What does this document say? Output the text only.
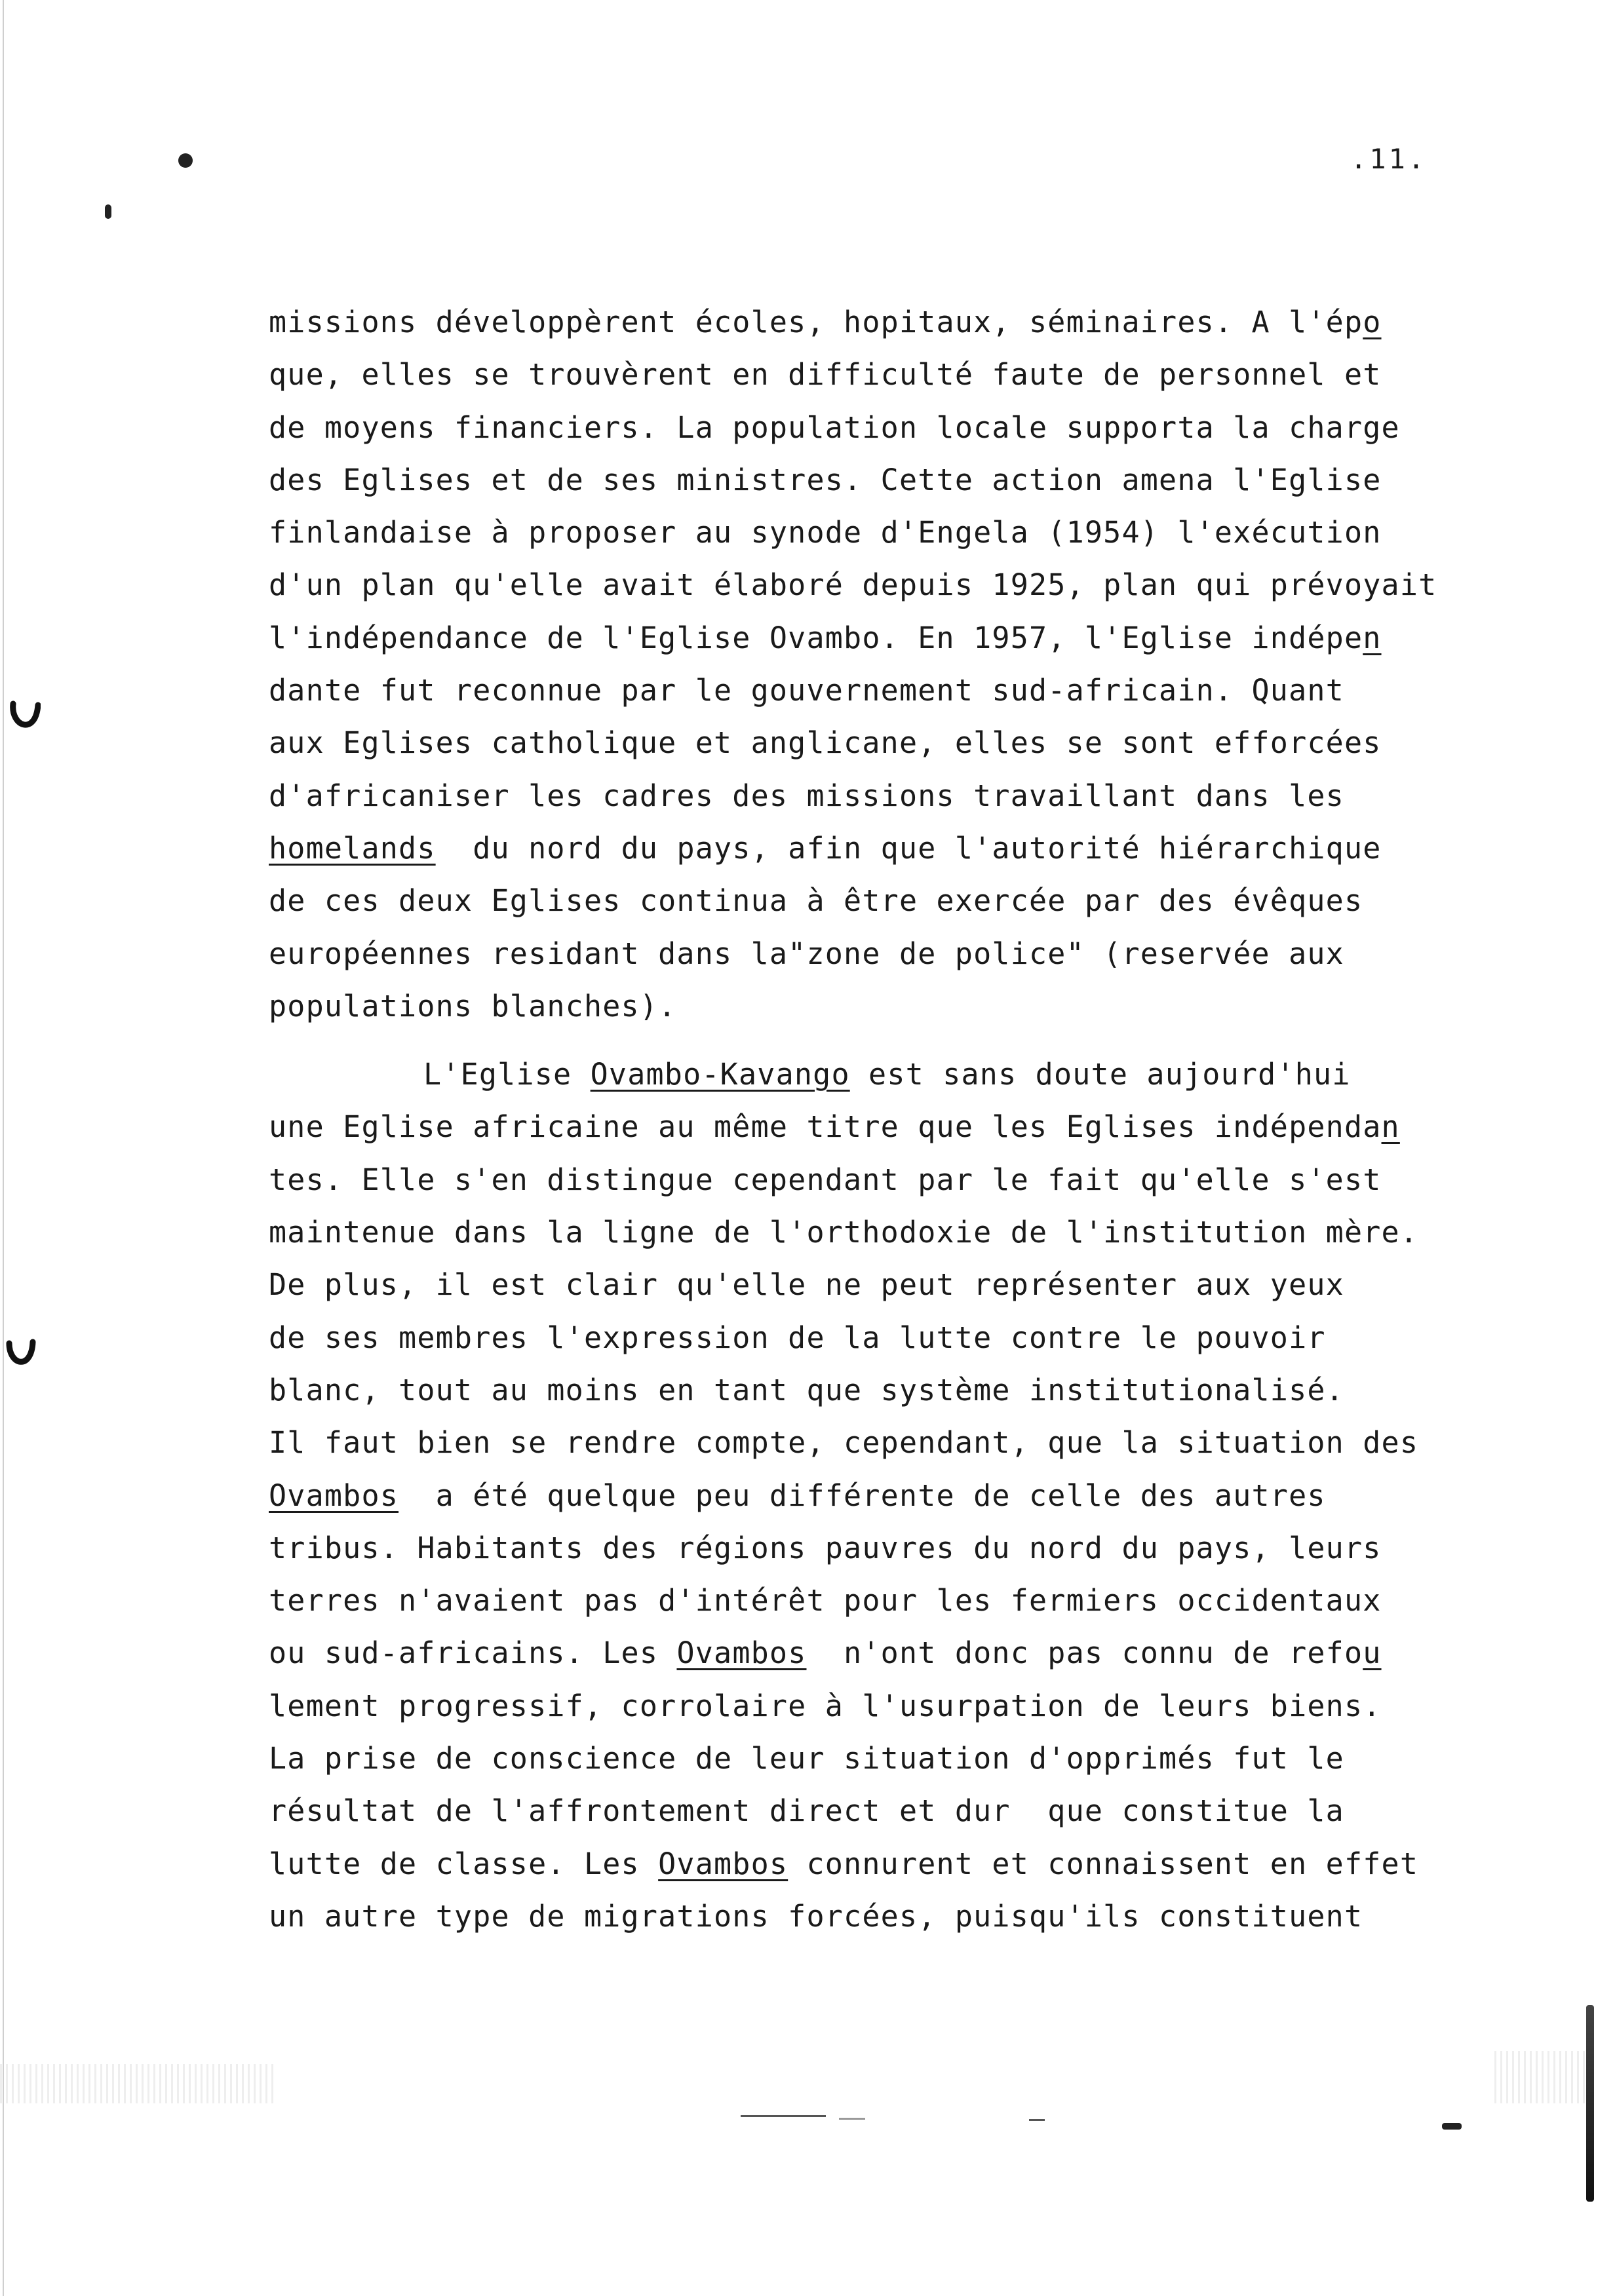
.11.
missions développèrent écoles, hopitaux, séminaires. A l'épo
que, elles se trouvèrent en difficulté faute de personnel et
de moyens financiers. La population locale supporta la charge
des Eglises et de ses ministres. Cette action amena l'Eglise
finlandaise à proposer au synode d'Engela (1954) l'exécution
d'un plan qu'elle avait élaboré depuis 1925, plan qui prévoyait
l'indépendance de l'Eglise Ovambo. En 1957, l'Eglise indépen
dante fut reconnue par le gouvernement sud-africain. Quant
aux Eglises catholique et anglicane, elles se sont efforcées
d'africaniser les cadres des missions travaillant dans les
homelands  du nord du pays, afin que l'autorité hiérarchique
de ces deux Eglises continua à être exercée par des évêques
européennes residant dans la"zone de police" (reservée aux
populations blanches).
L'Eglise Ovambo-Kavango est sans doute aujourd'hui
une Eglise africaine au même titre que les Eglises indépendan
tes. Elle s'en distingue cependant par le fait qu'elle s'est
maintenue dans la ligne de l'orthodoxie de l'institution mère.
De plus, il est clair qu'elle ne peut représenter aux yeux
de ses membres l'expression de la lutte contre le pouvoir
blanc, tout au moins en tant que système institutionalisé.
Il faut bien se rendre compte, cependant, que la situation des
Ovambos  a été quelque peu différente de celle des autres
tribus. Habitants des régions pauvres du nord du pays, leurs
terres n'avaient pas d'intérêt pour les fermiers occidentaux
ou sud-africains. Les Ovambos  n'ont donc pas connu de refou
lement progressif, corrolaire à l'usurpation de leurs biens.
La prise de conscience de leur situation d'opprimés fut le
résultat de l'affrontement direct et dur  que constitue la
lutte de classe. Les Ovambos connurent et connaissent en effet
un autre type de migrations forcées, puisqu'ils constituent
